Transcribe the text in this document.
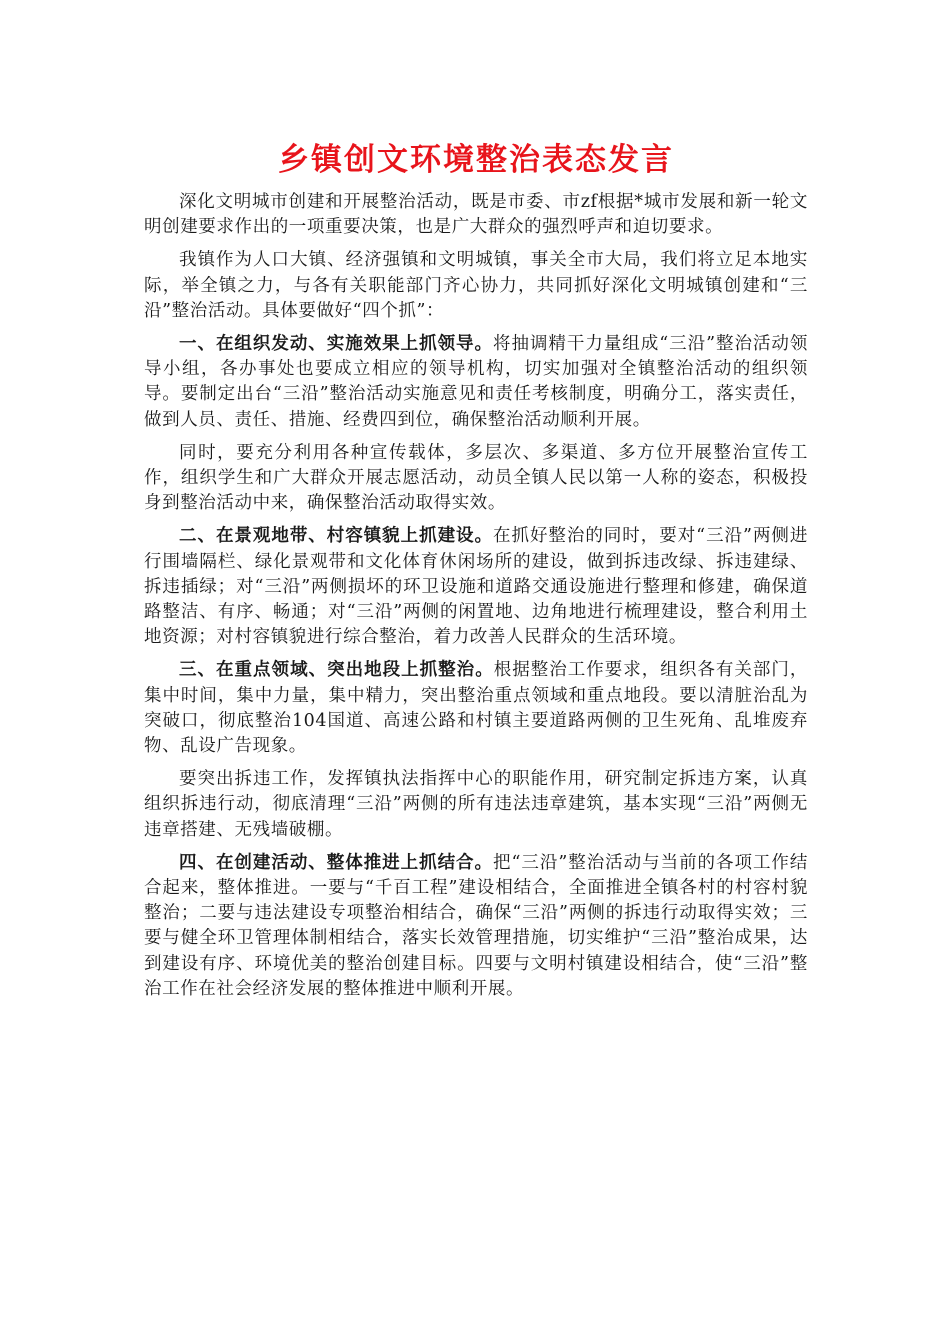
乡镇创文环境整治表态发言

深化文明城市创建和开展整治活动，既是市委、市zf根据*城市发展和新一轮文明创建要求作出的一项重要决策，也是广大群众的强烈呼声和迫切要求。

我镇作为人口大镇、经济强镇和文明城镇，事关全市大局，我们将立足本地实际，举全镇之力，与各有关职能部门齐心协力，共同抓好深化文明城镇创建和“三沿”整治活动。具体要做好“四个抓”：

一、在组织发动、实施效果上抓领导。将抽调精干力量组成“三沿”整治活动领导小组，各办事处也要成立相应的领导机构，切实加强对全镇整治活动的组织领导。要制定出台“三沿”整治活动实施意见和责任考核制度，明确分工，落实责任，做到人员、责任、措施、经费四到位，确保整治活动顺利开展。

同时，要充分利用各种宣传载体，多层次、多渠道、多方位开展整治宣传工作，组织学生和广大群众开展志愿活动，动员全镇人民以第一人称的姿态，积极投身到整治活动中来，确保整治活动取得实效。

二、在景观地带、村容镇貌上抓建设。在抓好整治的同时，要对“三沿”两侧进行围墙隔栏、绿化景观带和文化体育休闲场所的建设，做到拆违改绿、拆违建绿、拆违插绿；对“三沿”两侧损坏的环卫设施和道路交通设施进行整理和修建，确保道路整洁、有序、畅通；对“三沿”两侧的闲置地、边角地进行梳理建设，整合利用土地资源；对村容镇貌进行综合整治，着力改善人民群众的生活环境。

三、在重点领域、突出地段上抓整治。根据整治工作要求，组织各有关部门，集中时间，集中力量，集中精力，突出整治重点领域和重点地段。要以清脏治乱为突破口，彻底整治104国道、高速公路和村镇主要道路两侧的卫生死角、乱堆废弃物、乱设广告现象。

要突出拆违工作，发挥镇执法指挥中心的职能作用，研究制定拆违方案，认真组织拆违行动，彻底清理“三沿”两侧的所有违法违章建筑，基本实现“三沿”两侧无违章搭建、无残墙破棚。

四、在创建活动、整体推进上抓结合。把“三沿”整治活动与当前的各项工作结合起来，整体推进。一要与“千百工程”建设相结合，全面推进全镇各村的村容村貌整治；二要与违法建设专项整治相结合，确保“三沿”两侧的拆违行动取得实效；三要与健全环卫管理体制相结合，落实长效管理措施，切实维护“三沿”整治成果，达到建设有序、环境优美的整治创建目标。四要与文明村镇建设相结合，使“三沿”整治工作在社会经济发展的整体推进中顺利开展。
